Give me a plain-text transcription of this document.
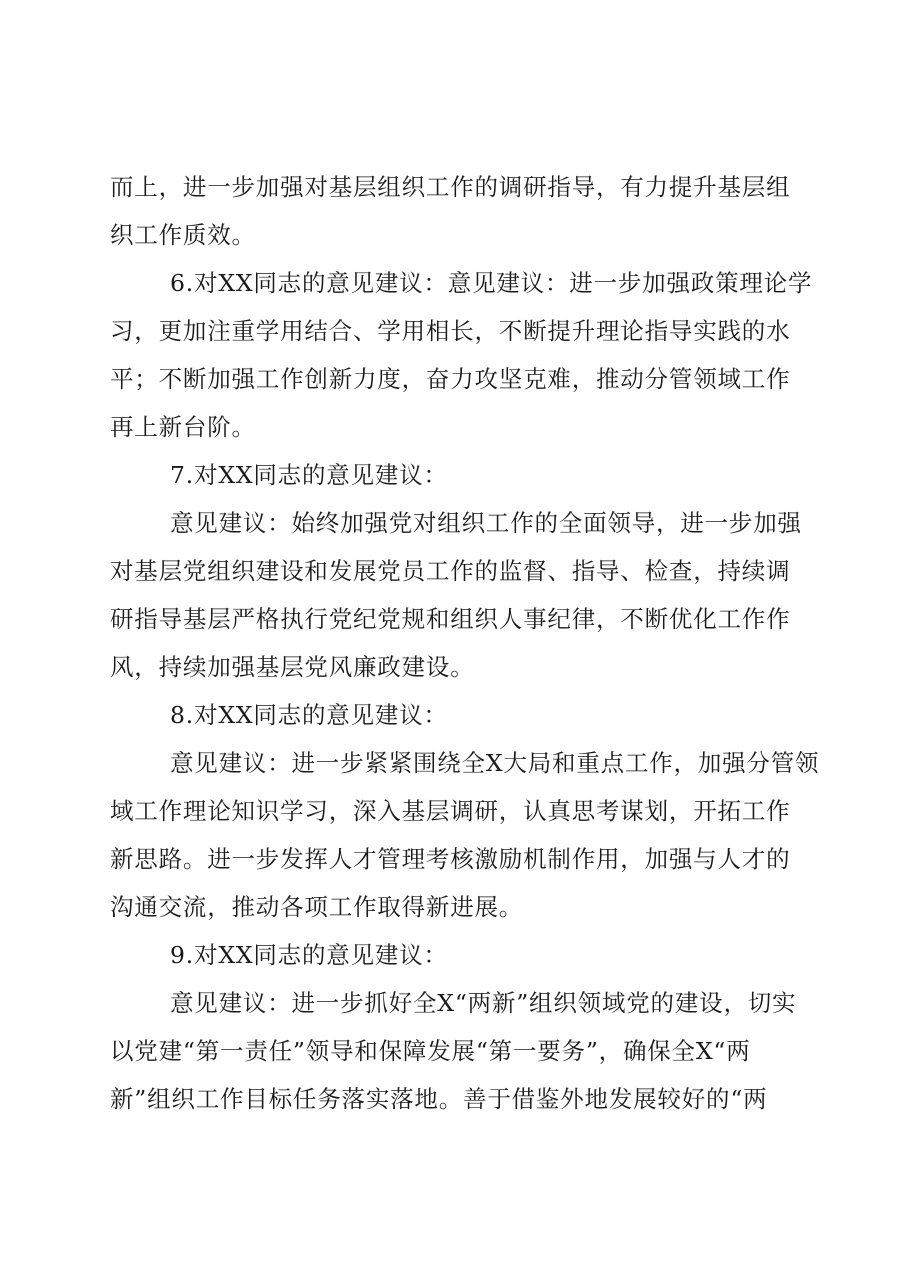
而上，进一步加强对基层组织工作的调研指导，有力提升基层组
织工作质效。
6.对XX同志的意见建议：意见建议：进一步加强政策理论学
习，更加注重学用结合、学用相长，不断提升理论指导实践的水
平；不断加强工作创新力度，奋力攻坚克难，推动分管领域工作
再上新台阶。
7.对XX同志的意见建议：
意见建议：始终加强党对组织工作的全面领导，进一步加强
对基层党组织建设和发展党员工作的监督、指导、检查，持续调
研指导基层严格执行党纪党规和组织人事纪律，不断优化工作作
风，持续加强基层党风廉政建设。
8.对XX同志的意见建议：
意见建议：进一步紧紧围绕全X大局和重点工作，加强分管领
域工作理论知识学习，深入基层调研，认真思考谋划，开拓工作
新思路。进一步发挥人才管理考核激励机制作用，加强与人才的
沟通交流，推动各项工作取得新进展。
9.对XX同志的意见建议：
意见建议：进一步抓好全X“两新”组织领域党的建设，切实
以党建“第一责任”领导和保障发展“第一要务”，确保全X“两
新”组织工作目标任务落实落地。善于借鉴外地发展较好的“两
